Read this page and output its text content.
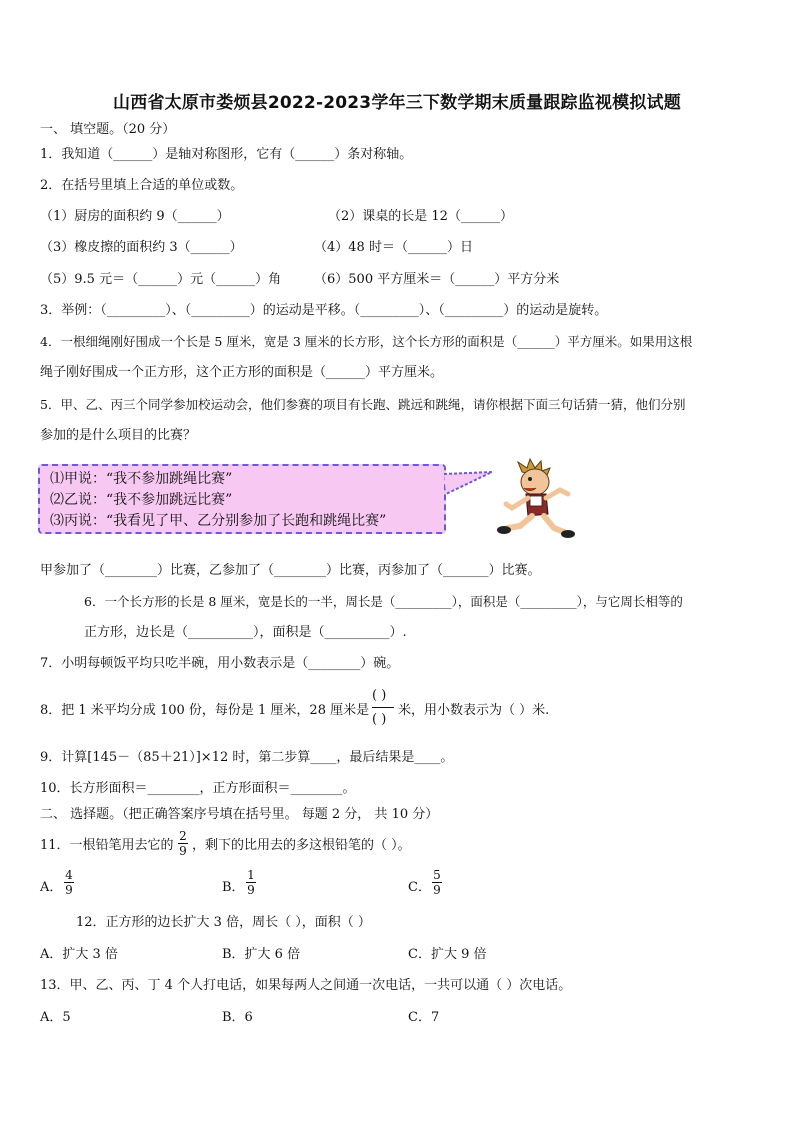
山西省太原市娄烦县2022-2023学年三下数学期末质量跟踪监视模拟试题
一、 填空题。（20 分）
1．我知道（______）是轴对称图形，它有（______）条对称轴。
2．在括号里填上合适的单位或数。
（1）厨房的面积约 9（______）	（2）课桌的长是 12（______）
（3）橡皮擦的面积约 3（______）	（4）48 时＝（______）日
（5）9.5 元＝（______）元（______）角	（6）500 平方厘米＝（______）平方分米
3．举例：（_________）、（_________）的运动是平移。（_________）、（_________）的运动是旋转。
4．一根细绳刚好围成一个长是 5 厘米，宽是 3 厘米的长方形，这个长方形的面积是（______）平方厘米。如果用这根
绳子刚好围成一个正方形，这个正方形的面积是（______）平方厘米。
5．甲、乙、丙三个同学参加校运动会，他们参赛的项目有长跑、跳远和跳绳，请你根据下面三句话猜一猜，他们分别
参加的是什么项目的比赛？
⑴甲说：“我不参加跳绳比赛”
⑵乙说：“我不参加跳远比赛”
⑶丙说：“我看见了甲、乙分别参加了长跑和跳绳比赛”
甲参加了（________）比赛，乙参加了（________）比赛，丙参加了（_______）比赛。
6．一个长方形的长是 8 厘米，宽是长的一半，周长是（_________），面积是（_________），与它周长相等的
正方形，边长是（__________），面积是（__________）.
7．小明每顿饭平均只吃半碗，用小数表示是（________）碗。
8．把 1 米平均分成 100 份，每份是 1 厘米，28 厘米是
( )
( )
米，用小数表示为（ ）米.
9．计算[145－（85＋21）]×12 时，第二步算____，最后结果是____。
10．长方形面积＝________，正方形面积＝________。
二、 选择题。（把正确答案序号填在括号里。 每题 2 分， 共 10 分）
11．一根铅笔用去它的
2
9 ，剩下的比用去的多这根铅笔的（ ）。
A．
4
9	B．
1
9	C．
5
9
12．正方形的边长扩大 3 倍，周长（ ），面积（ ）
A．扩大 3 倍	B．扩大 6 倍	C．扩大 9 倍
13．甲、乙、丙、丁 4 个人打电话，如果每两人之间通一次电话，一共可以通（ ）次电话。
A．5	B．6	C．7
